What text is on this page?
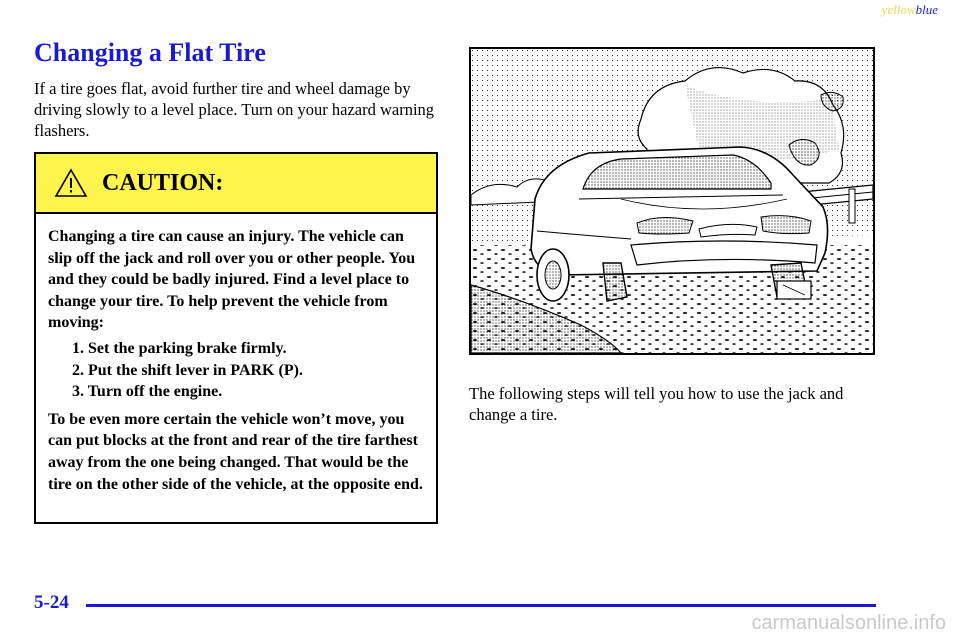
yellowblue
Changing a Flat Tire
If a tire goes flat, avoid further tire and wheel damage by driving slowly to a level place. Turn on your hazard warning flashers.
CAUTION:

Changing a tire can cause an injury. The vehicle can slip off the jack and roll over you or other people. You and they could be badly injured. Find a level place to change your tire. To help prevent the vehicle from moving:

1. Set the parking brake firmly.
2. Put the shift lever in PARK (P).
3. Turn off the engine.

To be even more certain the vehicle won’t move, you can put blocks at the front and rear of the tire farthest away from the one being changed. That would be the tire on the other side of the vehicle, at the opposite end.

The following steps will tell you how to use the jack and change a tire.
5-24
carmanualsonline.info
